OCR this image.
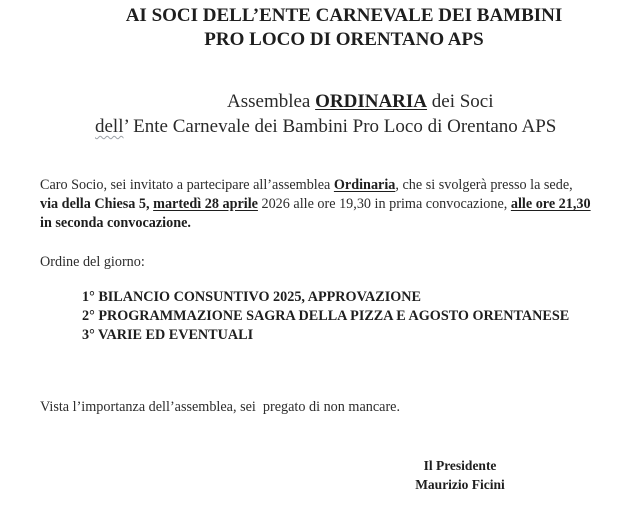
AI SOCI DELL’ENTE CARNEVALE DEI BAMBINI
PRO LOCO DI ORENTANO APS
Assemblea ORDINARIA dei Soci
dell’ Ente Carnevale dei Bambini Pro Loco di Orentano APS
Caro Socio, sei invitato a partecipare all’assemblea Ordinaria, che si svolgerà presso la sede,
via della Chiesa 5, martedì 28 aprile 2026 alle ore 19,30 in prima convocazione, alle ore 21,30
in seconda convocazione.
Ordine del giorno:
1° BILANCIO CONSUNTIVO 2025, APPROVAZIONE
2° PROGRAMMAZIONE SAGRA DELLA PIZZA E AGOSTO ORENTANESE
3° VARIE ED EVENTUALI
Vista l’importanza dell’assemblea, sei  pregato di non mancare.
Il Presidente
Maurizio Ficini
